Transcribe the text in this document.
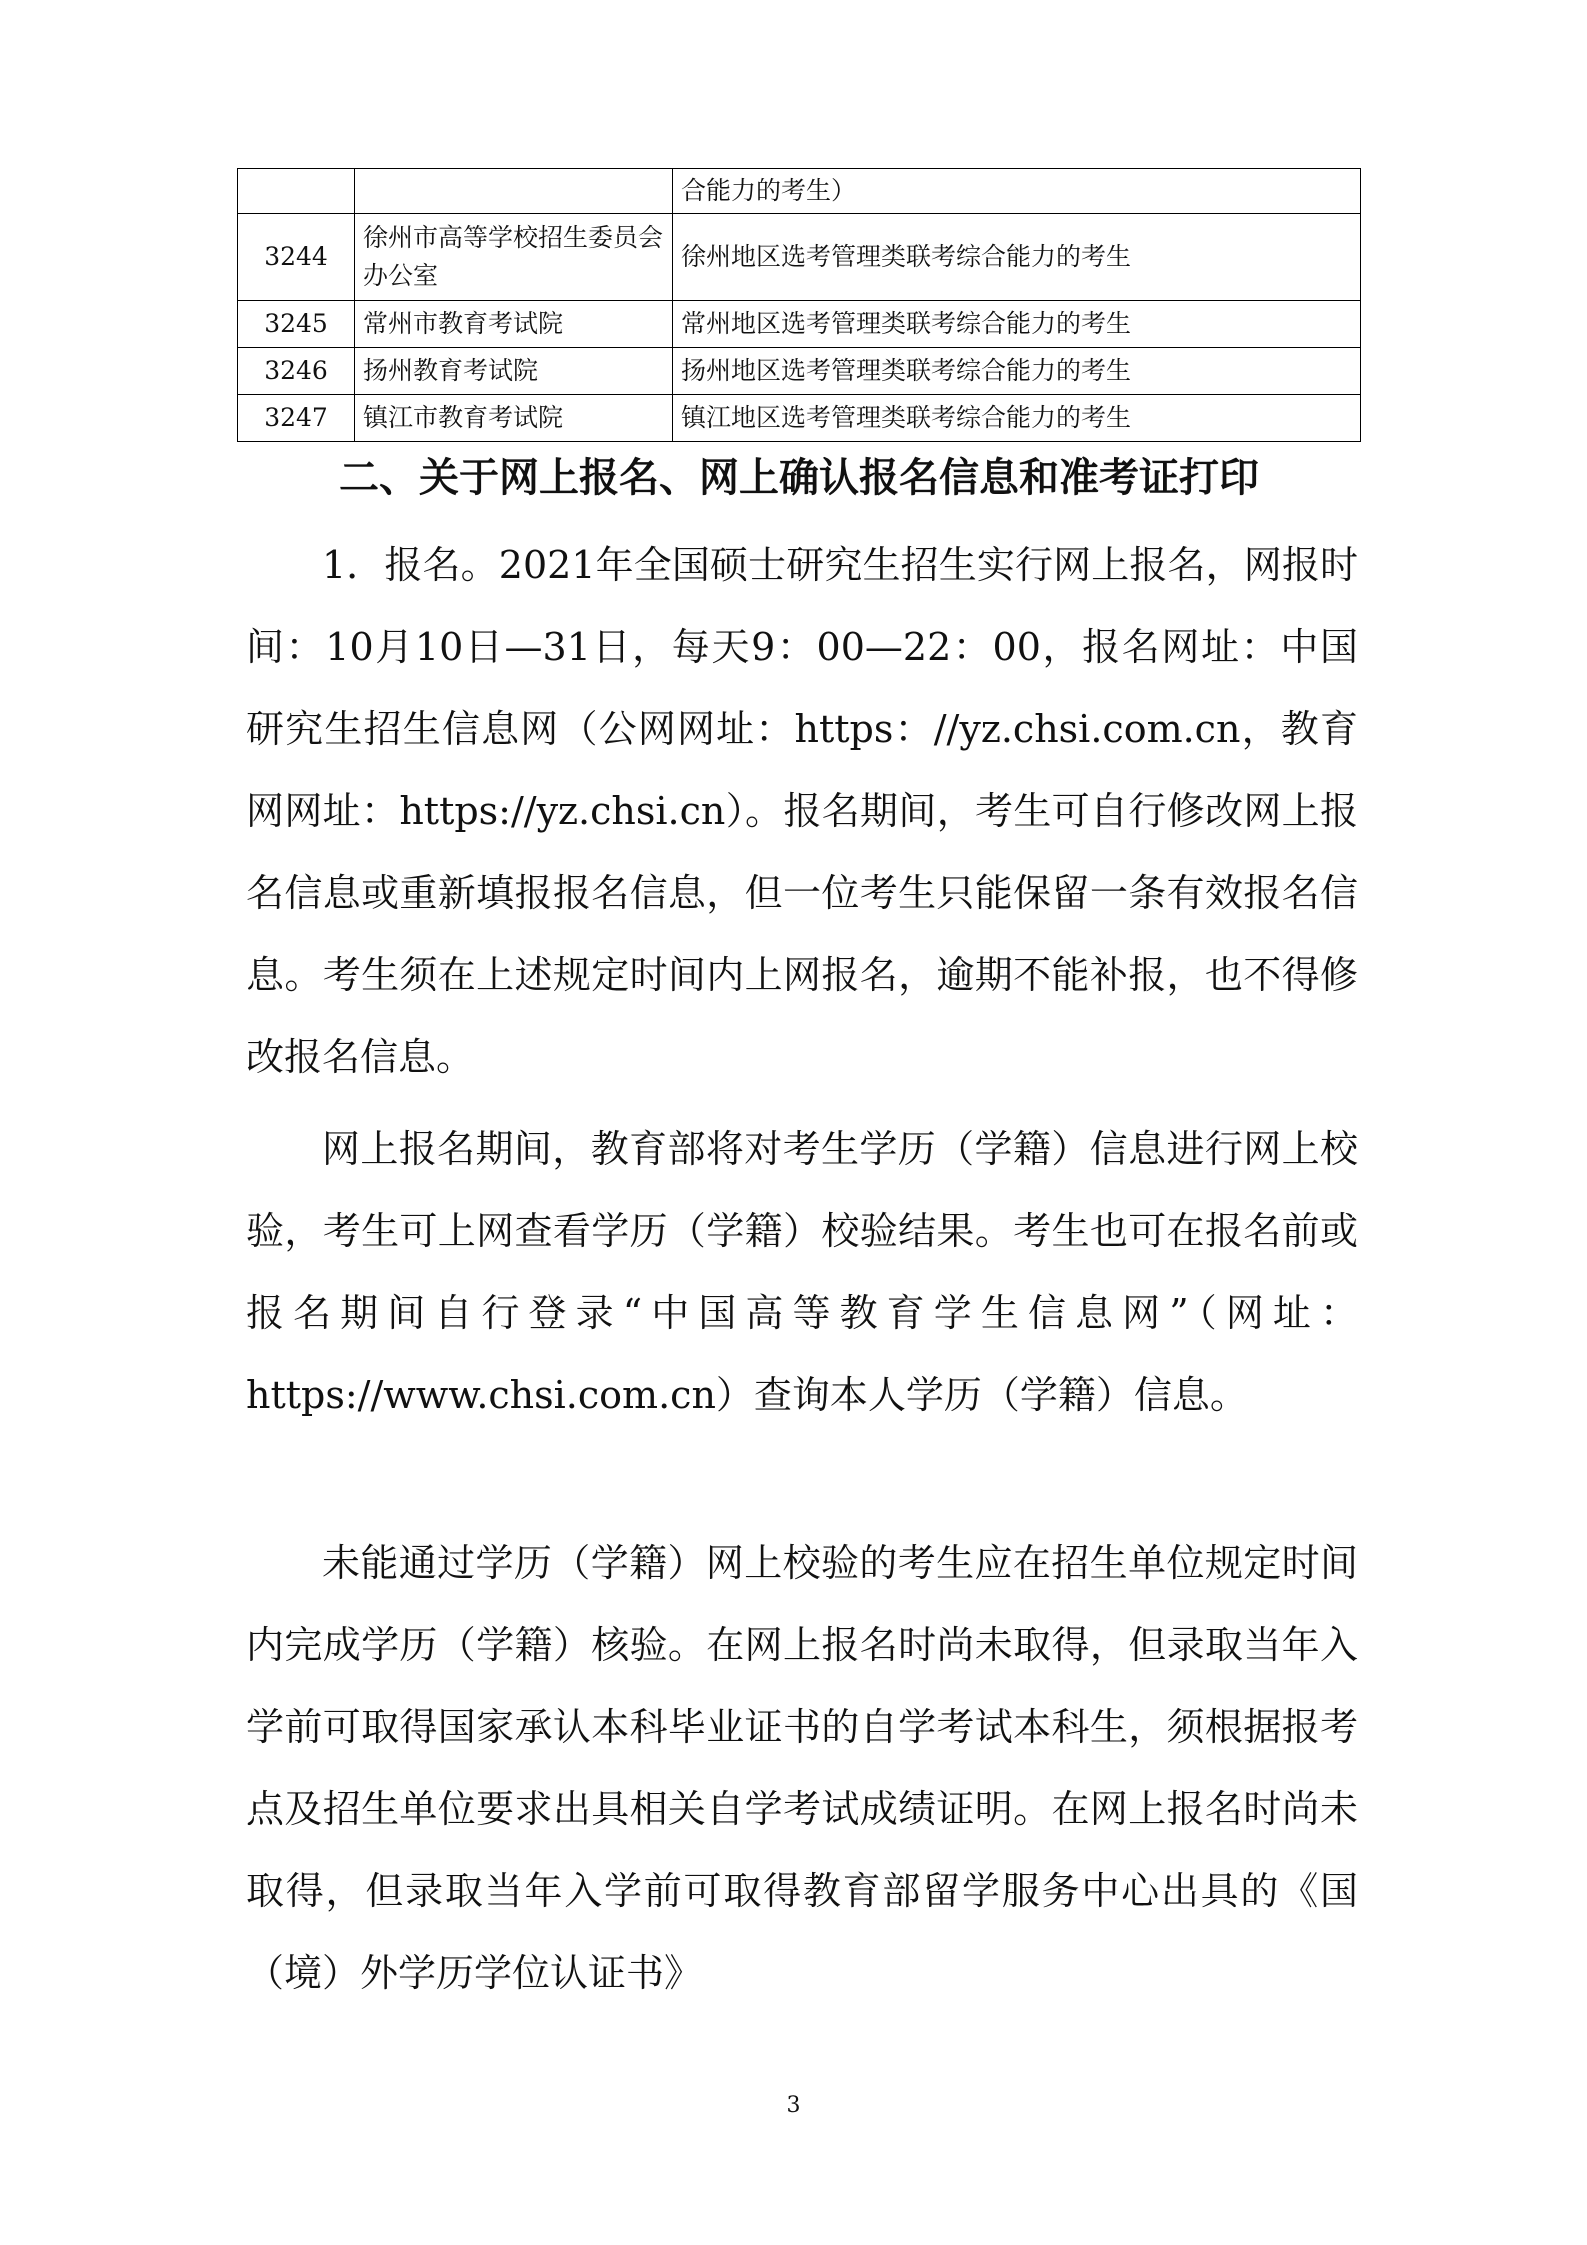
		合能力的考生）
3244	徐州市高等学校招生委员会办公室	徐州地区选考管理类联考综合能力的考生
3245	常州市教育考试院	常州地区选考管理类联考综合能力的考生
3246	扬州教育考试院	扬州地区选考管理类联考综合能力的考生
3247	镇江市教育考试院	镇江地区选考管理类联考综合能力的考生
二、关于网上报名、网上确认报名信息和准考证打印

1．报名。2021年全国硕士研究生招生实行网上报名，网报时间：10月10日—31日，每天9：00—22：00，报名网址：中国研究生招生信息网（公网网址：https：//yz.chsi.com.cn，教育网网址：https://yz.chsi.cn）。报名期间，考生可自行修改网上报名信息或重新填报报名信息，但一位考生只能保留一条有效报名信息。考生须在上述规定时间内上网报名，逾期不能补报，也不得修改报名信息。

网上报名期间，教育部将对考生学历（学籍）信息进行网上校验，考生可上网查看学历（学籍）校验结果。考生也可在报名前或报名期间自行登录“中国高等教育学生信息网”（网址：https://www.chsi.com.cn）查询本人学历（学籍）信息。

未能通过学历（学籍）网上校验的考生应在招生单位规定时间内完成学历（学籍）核验。在网上报名时尚未取得，但录取当年入学前可取得国家承认本科毕业证书的自学考试本科生，须根据报考点及招生单位要求出具相关自学考试成绩证明。在网上报名时尚未取得，但录取当年入学前可取得教育部留学服务中心出具的《国（境）外学历学位认证书》

3
